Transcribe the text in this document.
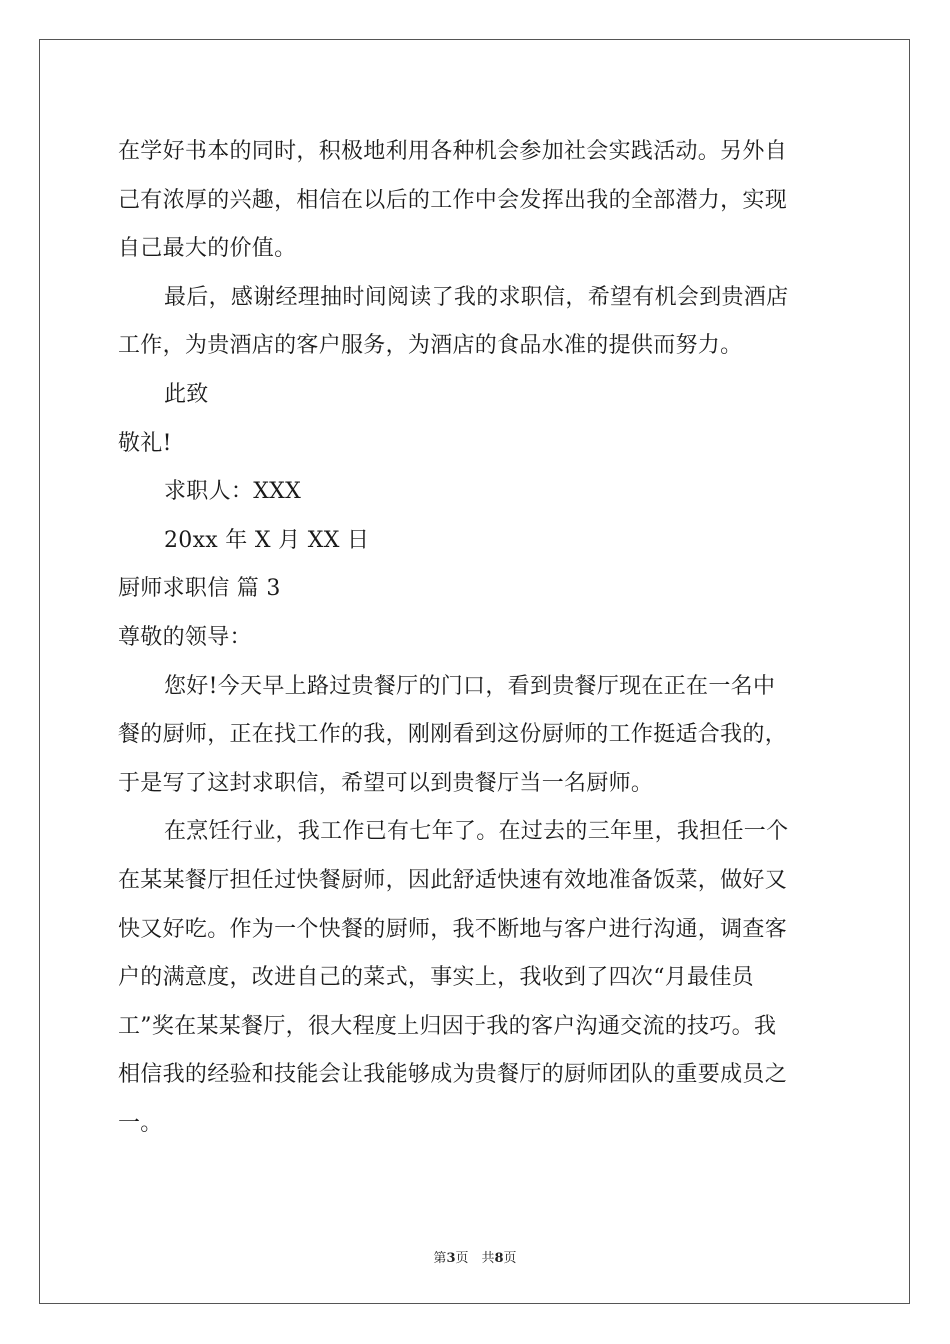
在学好书本的同时，积极地利用各种机会参加社会实践活动。另外自
己有浓厚的兴趣，相信在以后的工作中会发挥出我的全部潜力，实现
自己最大的价值。
最后，感谢经理抽时间阅读了我的求职信，希望有机会到贵酒店
工作，为贵酒店的客户服务，为酒店的食品水准的提供而努力。
此致
敬礼!
求职人：XXX
20xx 年 X 月 XX 日
厨师求职信 篇 3
尊敬的领导：
您好!今天早上路过贵餐厅的门口，看到贵餐厅现在正在一名中
餐的厨师，正在找工作的我，刚刚看到这份厨师的工作挺适合我的，
于是写了这封求职信，希望可以到贵餐厅当一名厨师。
在烹饪行业，我工作已有七年了。在过去的三年里，我担任一个
在某某餐厅担任过快餐厨师，因此舒适快速有效地准备饭菜，做好又
快又好吃。作为一个快餐的厨师，我不断地与客户进行沟通，调查客
户的满意度，改进自己的菜式，事实上，我收到了四次“月最佳员
工”奖在某某餐厅，很大程度上归因于我的客户沟通交流的技巧。我
相信我的经验和技能会让我能够成为贵餐厅的厨师团队的重要成员之
一。
第3页　共8页
